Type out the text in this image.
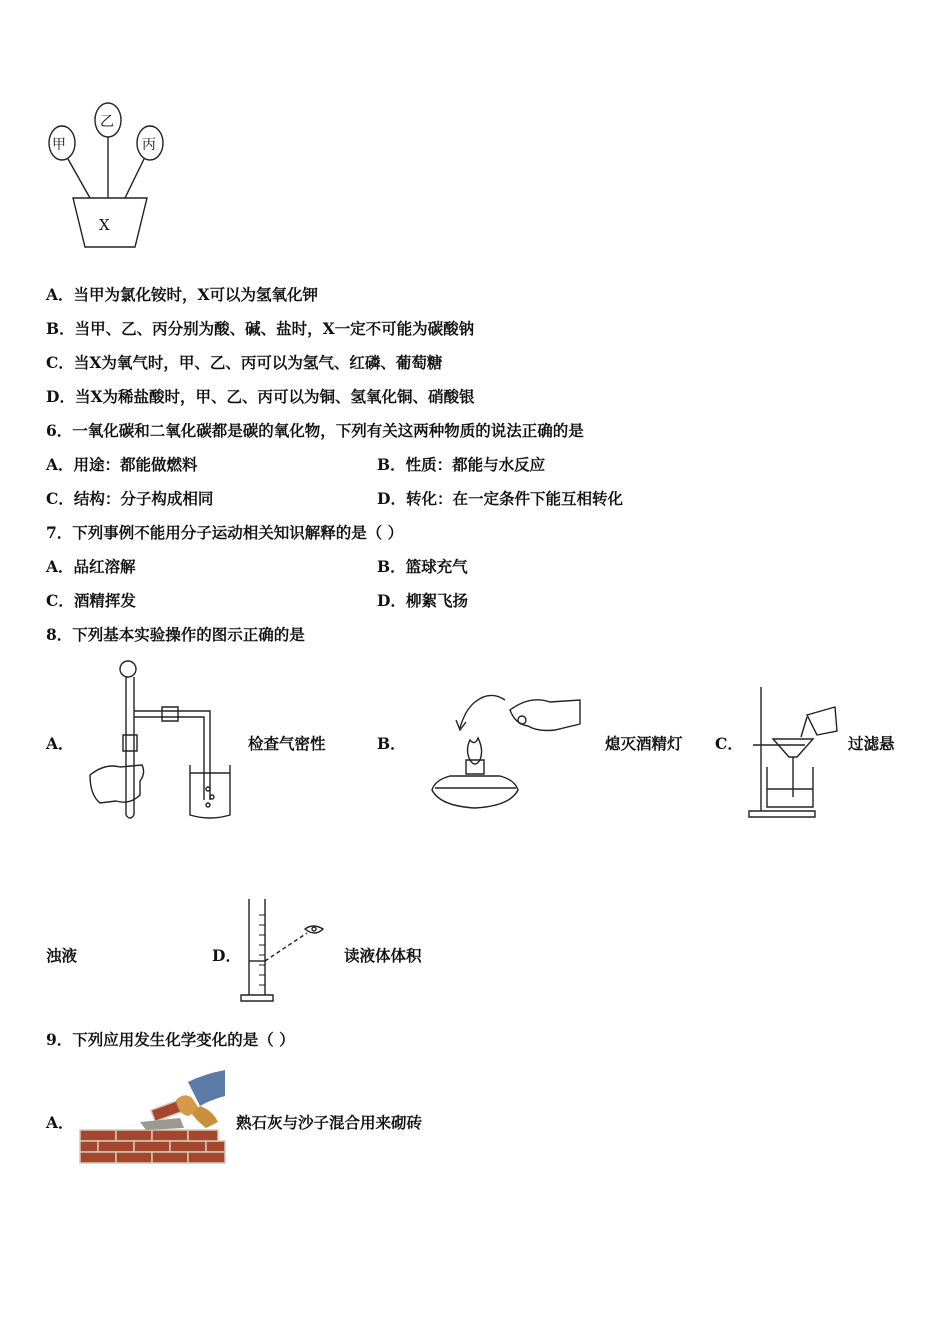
甲
乙
丙
X
A．当甲为氯化铵时，X可以为氢氧化钾
B．当甲、乙、丙分别为酸、碱、盐时，X一定不可能为碳酸钠
C．当X为氧气时，甲、乙、丙可以为氢气、红磷、葡萄糖
D．当X为稀盐酸时，甲、乙、丙可以为铜、氢氧化铜、硝酸银
6．一氧化碳和二氧化碳都是碳的氧化物，下列有关这两种物质的说法正确的是
A．用途：都能做燃料	B．性质：都能与水反应
C．结构：分子构成相同	D．转化：在一定条件下能互相转化
7．下列事例不能用分子运动相关知识解释的是（ ）
A．品红溶解	B．篮球充气
C．酒精挥发	D．柳絮飞扬
8．下列基本实验操作的图示正确的是
A．	检查气密性	B．	熄灭酒精灯 C．	过滤悬
浊液	D．	读液体体积
9．下列应用发生化学变化的是（ ）
A．	熟石灰与沙子混合用来砌砖
